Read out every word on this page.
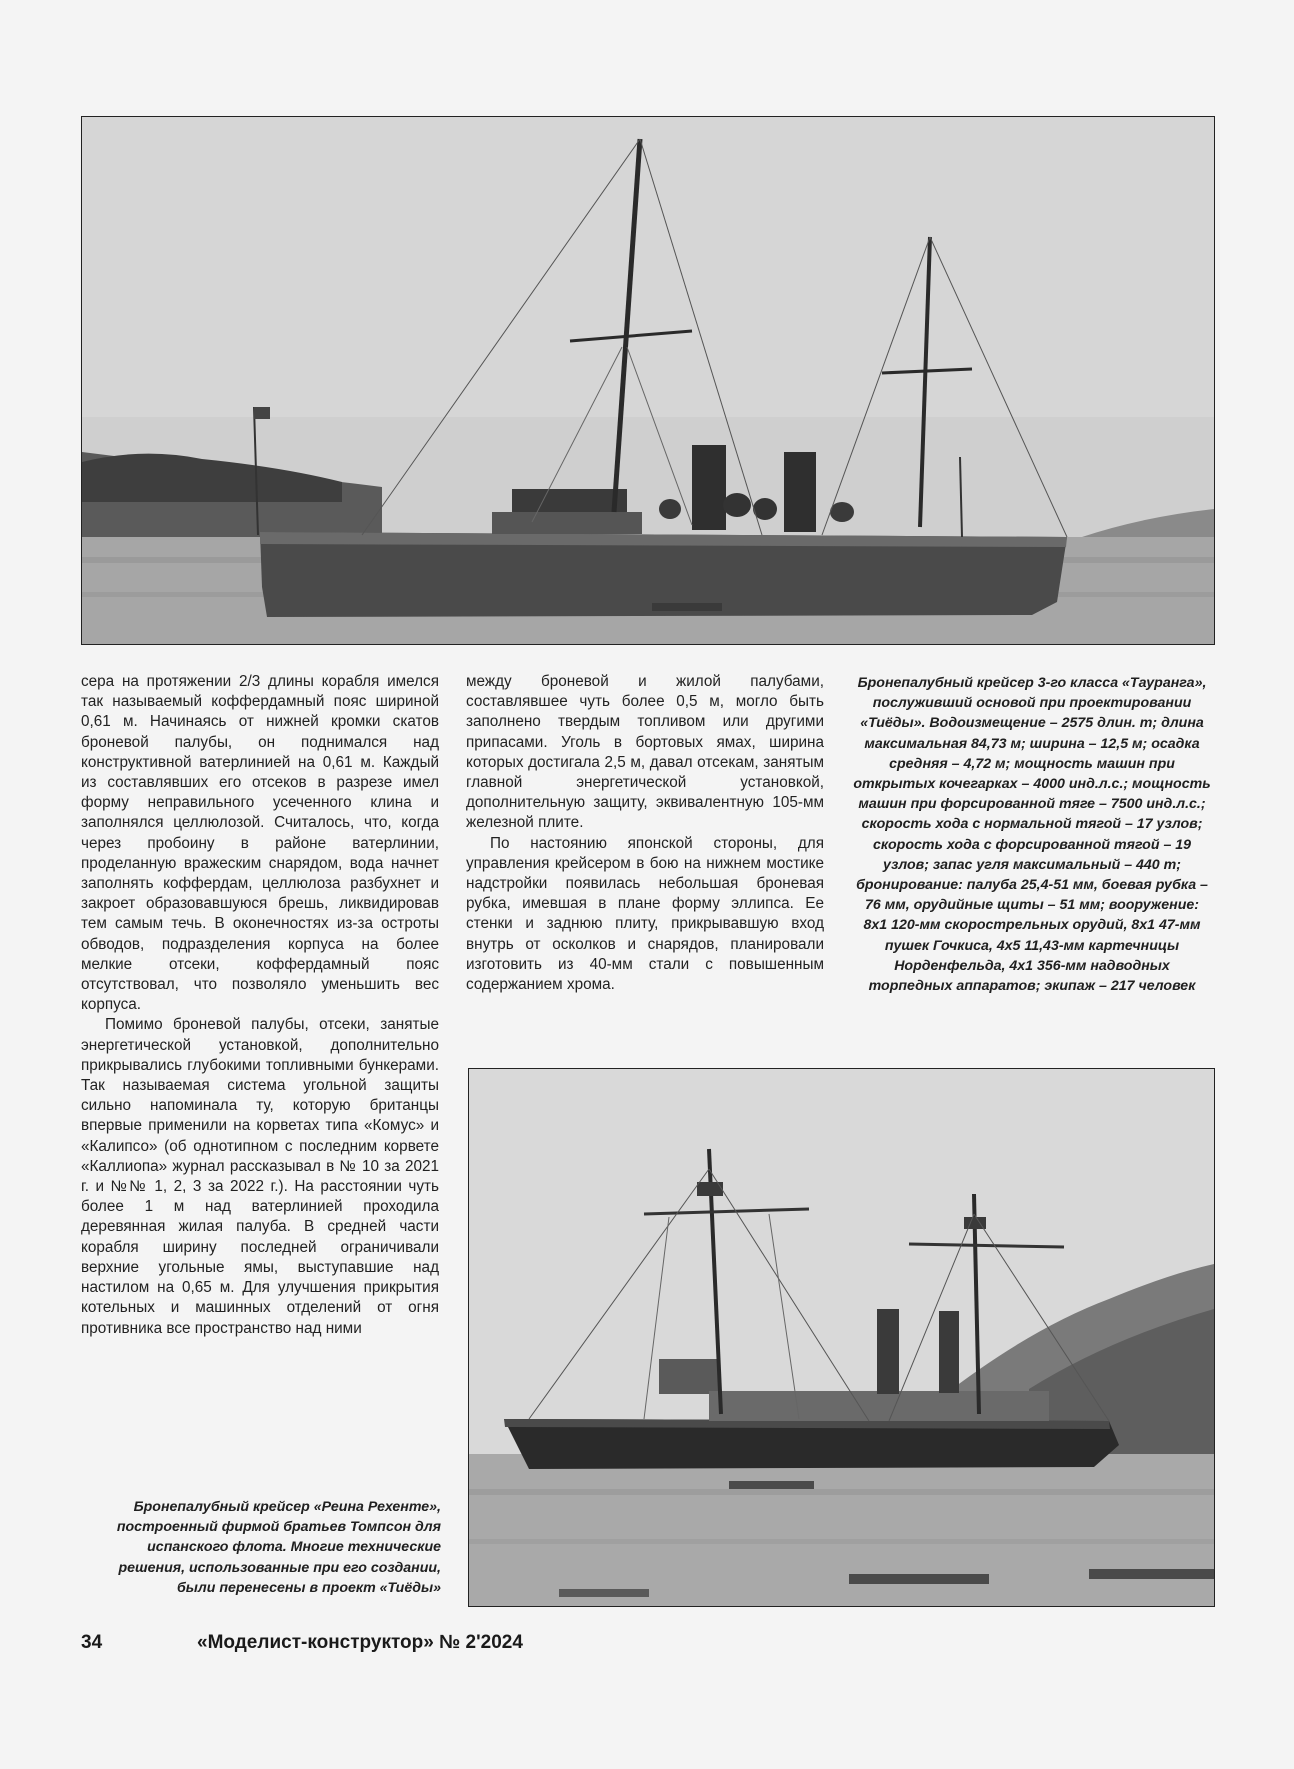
сера на протяжении 2/3 длины корабля имелся так называемый коффердамный пояс шириной 0,61 м. Начинаясь от нижней кромки скатов броневой палубы, он поднимался над конструктивной ватерлинией на 0,61 м. Каждый из составлявших его отсеков в разрезе имел форму неправильного усеченного клина и заполнялся целлюлозой. Считалось, что, когда через пробоину в районе ватерлинии, проделанную вражеским снарядом, вода начнет заполнять коффердам, целлюлоза разбухнет и закроет образовавшуюся брешь, ликвидировав тем самым течь. В оконечностях из-за остроты обводов, подразделения корпуса на более мелкие отсеки, коффердамный пояс отсутствовал, что позволяло уменьшить вес корпуса.

Помимо броневой палубы, отсеки, занятые энергетической установкой, дополнительно прикрывались глубокими топливными бункерами. Так называемая система угольной защиты сильно напоминала ту, которую британцы впервые применили на корветах типа «Комус» и «Калипсо» (об однотипном с последним корвете «Каллиопа» журнал рассказывал в № 10 за 2021 г. и №№ 1, 2, 3 за 2022 г.). На расстоянии чуть более 1 м над ватерлинией проходила деревянная жилая палуба. В средней части корабля ширину последней ограничивали верхние угольные ямы, выступавшие над настилом на 0,65 м. Для улучшения прикрытия котельных и машинных отделений от огня противника все пространство над ними

между броневой и жилой палубами, составлявшее чуть более 0,5 м, могло быть заполнено твердым топливом или другими припасами. Уголь в бортовых ямах, ширина которых достигала 2,5 м, давал отсекам, занятым главной энергетической установкой, дополнительную защиту, эквивалентную 105-мм железной плите.

По настоянию японской стороны, для управления крейсером в бою на нижнем мостике надстройки появилась небольшая броневая рубка, имевшая в плане форму эллипса. Ее стенки и заднюю плиту, прикрывавшую вход внутрь от осколков и снарядов, планировали изготовить из 40-мм стали с повышенным содержанием хрома.

Бронепалубный крейсер 3-го класса «Тауранга», послуживший основой при проектировании «Тиёды». Водоизмещение – 2575 длин. т; длина максимальная 84,73 м; ширина – 12,5 м; осадка средняя – 4,72 м; мощность машин при открытых кочегарках – 4000 инд.л.с.; мощность машин при форсированной тяге – 7500 инд.л.с.; скорость хода с нормальной тягой – 17 узлов; скорость хода с форсированной тягой – 19 узлов; запас угля максимальный – 440 т; бронирование: палуба 25,4-51 мм, боевая рубка – 76 мм, орудийные щиты – 51 мм; вооружение: 8х1 120-мм скорострельных орудий, 8х1 47-мм пушек Гочкиса, 4х5 11,43-мм картечницы Норденфельда, 4х1 356-мм надводных торпедных аппаратов; экипаж – 217 человек
Бронепалубный крейсер «Реина Рехенте», построенный фирмой братьев Томпсон для испанского флота. Многие технические решения, использованные при его создании, были перенесены в проект «Тиёды»
34	«Моделист-конструктор» № 2'2024
